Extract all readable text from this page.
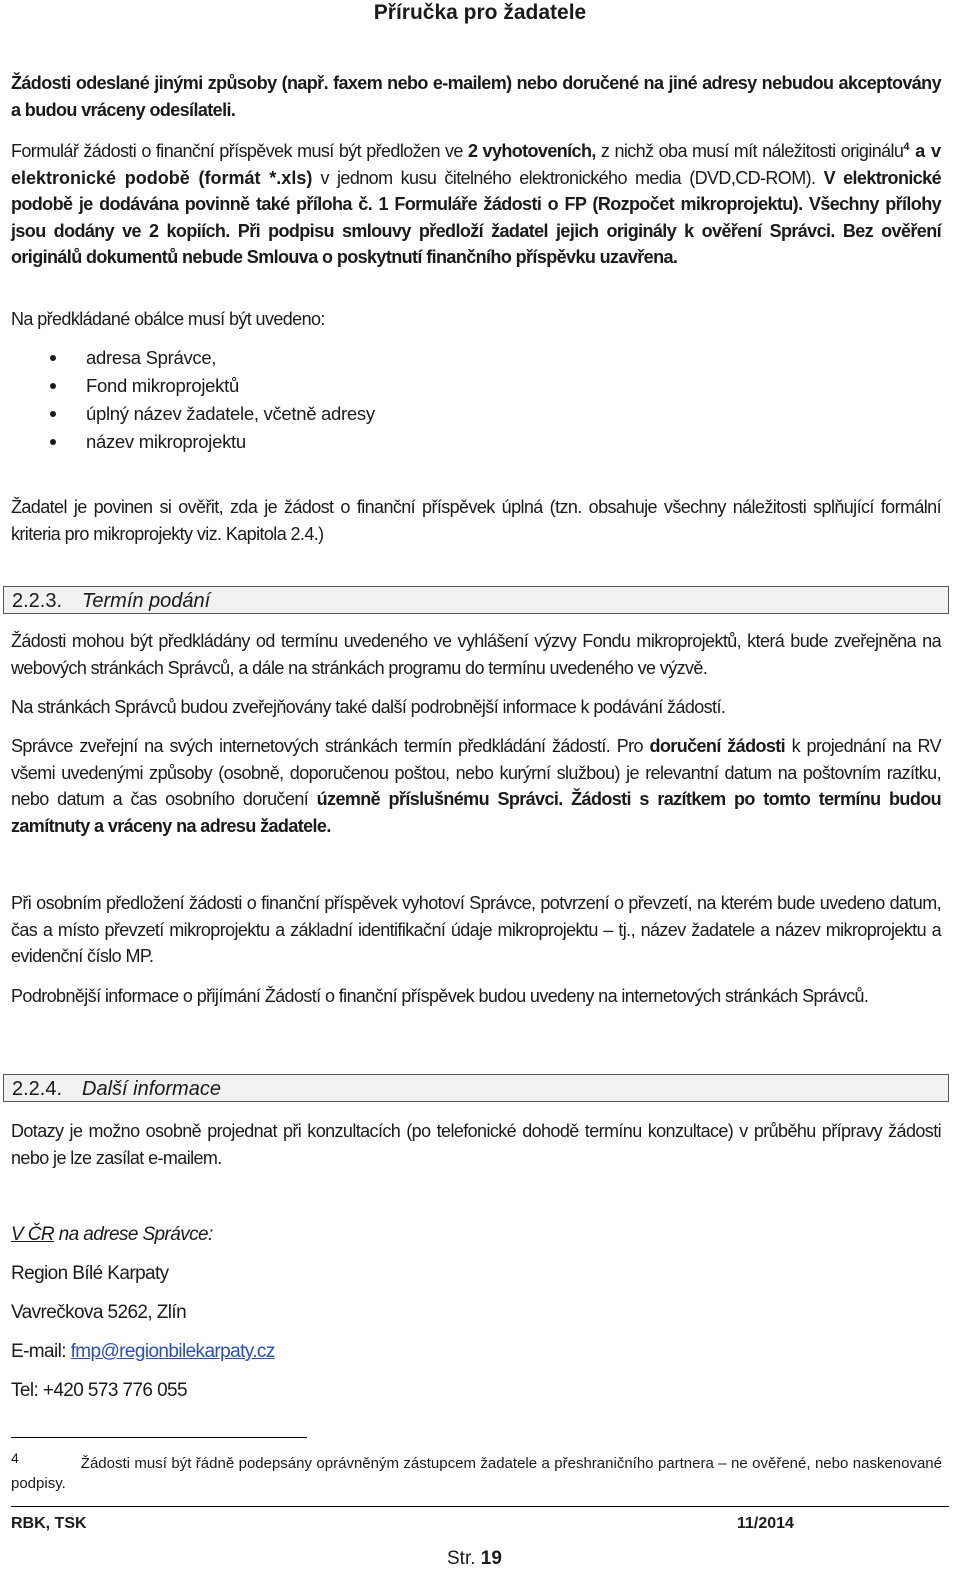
Příručka pro žadatele

Žádosti odeslané jinými způsoby (např. faxem nebo e-mailem) nebo doručené na jiné adresy nebudou akceptovány a budou vráceny odesílateli.

Formulář žádosti o finanční příspěvek musí být předložen ve 2 vyhotoveních, z nichž oba musí mít náležitosti originálu$^4$ a v elektronické podobě (formát *.xls) v jednom kusu čitelného elektronického media (DVD,CD-ROM). V elektronické podobě je dodávána povinně také příloha č. 1 Formuláře žádosti o FP (Rozpočet mikroprojektu). Všechny přílohy jsou dodány ve 2 kopiích. Při podpisu smlouvy předloží žadatel jejich originály k ověření Správci. Bez ověření originálů dokumentů nebude Smlouva o poskytnutí finančního příspěvku uzavřena.

Na předkládané obálce musí být uvedeno:

adresa Správce,
Fond mikroprojektů
úplný název žadatele, včetně adresy
název mikroprojektu

Žadatel je povinen si ověřit, zda je žádost o finanční příspěvek úplná (tzn. obsahuje všechny náležitosti splňující formální kriteria pro mikroprojekty viz. Kapitola 2.4.)

2.2.3. Termín podání

Žádosti mohou být předkládány od termínu uvedeného ve vyhlášení výzvy Fondu mikroprojektů, která bude zveřejněna na webových stránkách Správců, a dále na stránkách programu do termínu uvedeného ve výzvě.

Na stránkách Správců budou zveřejňovány také další podrobnější informace k podávání žádostí.

Správce zveřejní na svých internetových stránkách termín předkládání žádostí. Pro doručení žádosti k projednání na RV všemi uvedenými způsoby (osobně, doporučenou poštou, nebo kurýrní službou) je relevantní datum na poštovním razítku, nebo datum a čas osobního doručení územně příslušnému Správci. Žádosti s razítkem po tomto termínu budou zamítnuty a vráceny na adresu žadatele.

Při osobním předložení žádosti o finanční příspěvek vyhotoví Správce, potvrzení o převzetí, na kterém bude uvedeno datum, čas a místo převzetí mikroprojektu a základní identifikační údaje mikroprojektu – tj., název žadatele a název mikroprojektu a evidenční číslo MP.

Podrobnější informace o přijímání Žádostí o finanční příspěvek budou uvedeny na internetových stránkách Správců.

2.2.4. Další informace

Dotazy je možno osobně projednat při konzultacích (po telefonické dohodě termínu konzultace) v průběhu přípravy žádosti nebo je lze zasílat e-mailem.

V ČR na adrese Správce:

Region Bílé Karpaty

Vavrečkova 5262, Zlín

E-mail: fmp@regionbilekarpaty.cz

Tel: +420 573 776 055

4	Žádosti musí být řádně podepsány oprávněným zástupcem žadatele a přeshraničního partnera – ne ověřené, nebo naskenované podpisy.

RBK, TSK	11/2014
Str. 19
